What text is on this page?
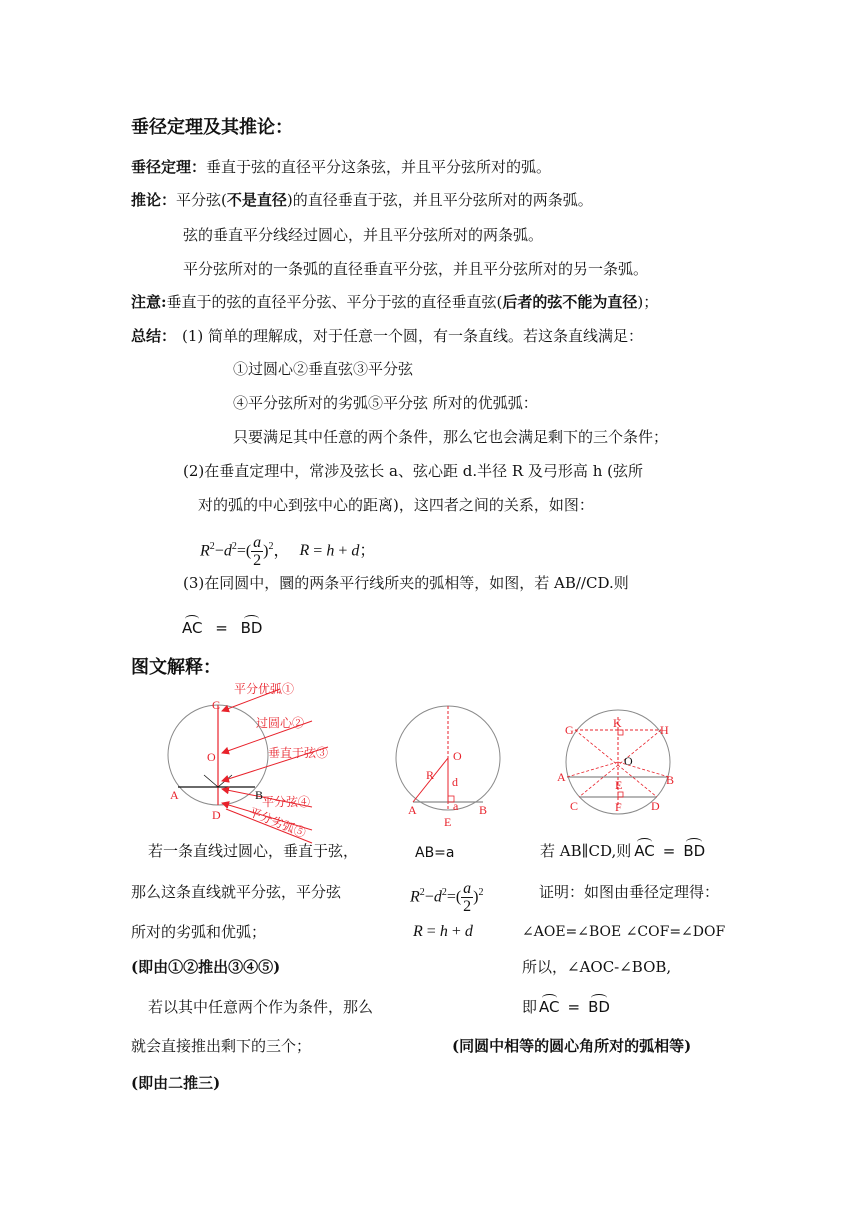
垂径定理及其推论：
垂径定理：垂直于弦的直径平分这条弦，并且平分弦所对的弧。
推论：平分弦(不是直径)的直径垂直于弦，并且平分弦所对的两条弧。
弦的垂直平分线经过圆心，并且平分弦所对的两条弧。
平分弦所对的一条弧的直径垂直平分弦，并且平分弦所对的另一条弧。
注意:垂直于的弦的直径平分弦、平分于弦的直径垂直弦(后者的弦不能为直径)；
总结： (1) 简单的理解成，对于任意一个圆，有一条直线。若这条直线满足：
①过圆心②垂直弦③平分弦
④平分弦所对的劣弧⑤平分弦 所对的优弧弧：
只要满足其中任意的两个条件，那么它也会满足剩下的三个条件；
(2)在垂直定理中，常涉及弦长 a、弦心距 d.半径 R 及弓形高 h (弦所
对的弧的中心到弦中心的距离)，这四者之间的关系，如图：
$R^2-d^2=( \frac{a}{2} )^2$， R = h + d；
(3)在同圆中，圜的两条平行线所夹的弧相等，如图，若 AB//CD.则
AC = BD
图文解释：
C
O
A	B
D
平分优弧①
过圆心②
垂直于弦③
平分弦④
平分劣弧⑤
O
R d
A	a B
E
G	K	H
O
A
E	B
C	F D
若一条直线过圆心，垂直于弦，
那么这条直线就平分弦，平分弦
所对的劣弧和优弧；
(即由①②推出③④⑤)
若以其中任意两个作为条件，那么
就会直接推出剩下的三个；
(即由二推三)
AB=a
$R^2-d^2=( \frac{a}{2} )^2$
R = h + d
若 AB∥CD,则 AC = BD
证明：如图由垂径定理得：
∠AOE=∠BOE ∠COF=∠DOF
所以，∠AOC-∠BOB,
即 AC = BD
(同圆中相等的圆心角所对的弧相等)
